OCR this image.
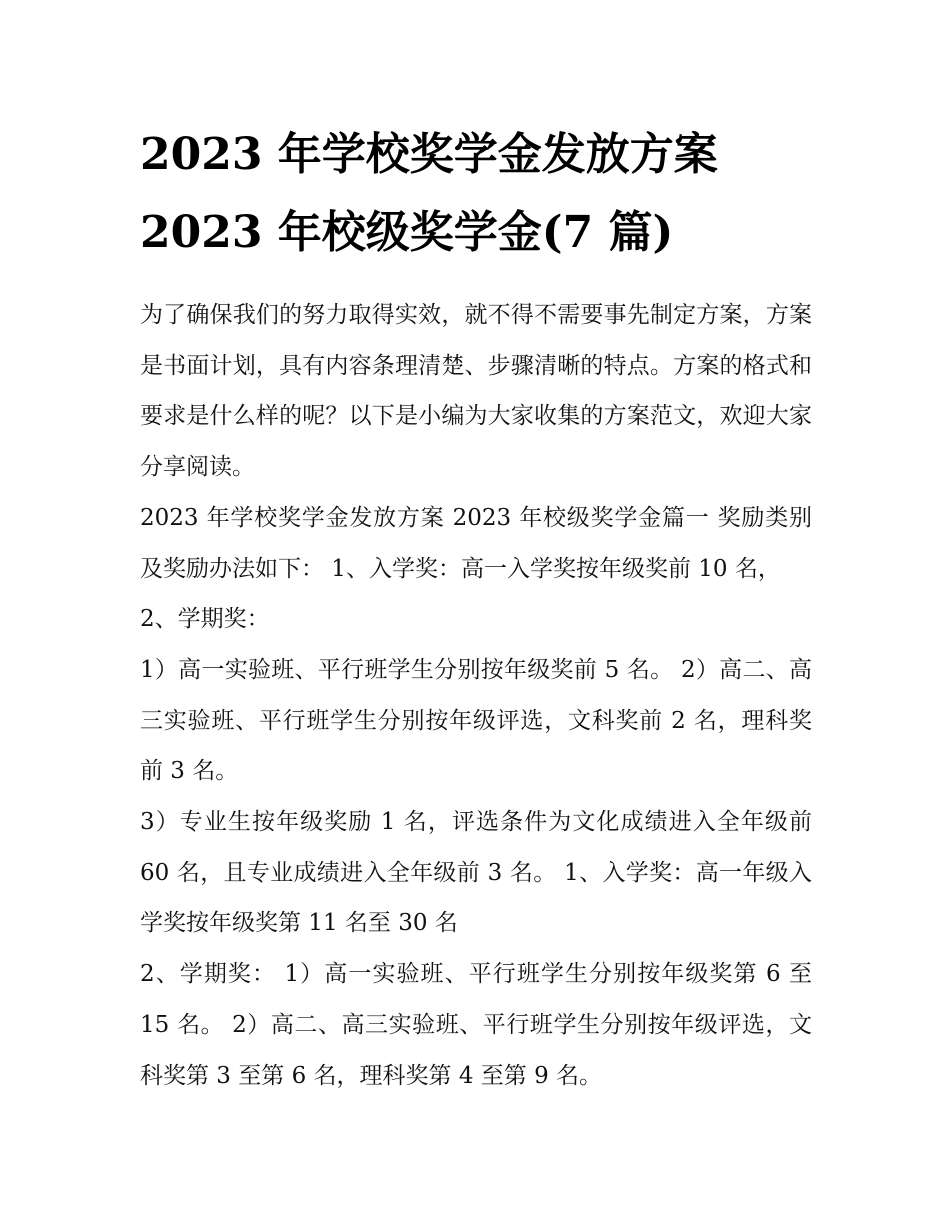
2023 年学校奖学金发放方案
2023 年校级奖学金(7 篇)

为了确保我们的努力取得实效，就不得不需要事先制定方案，方案是书面计划，具有内容条理清楚、步骤清晰的特点。方案的格式和要求是什么样的呢？以下是小编为大家收集的方案范文，欢迎大家分享阅读。

2023 年学校奖学金发放方案 2023 年校级奖学金篇一 奖励类别及奖励办法如下： 1、入学奖：高一入学奖按年级奖前 10 名，

2、学期奖：

1）高一实验班、平行班学生分别按年级奖前 5 名。 2）高二、高三实验班、平行班学生分别按年级评选，文科奖前 2 名，理科奖前 3 名。

3）专业生按年级奖励 1 名，评选条件为文化成绩进入全年级前 60 名，且专业成绩进入全年级前 3 名。 1、入学奖：高一年级入学奖按年级奖第 11 名至 30 名

2、学期奖： 1）高一实验班、平行班学生分别按年级奖第 6 至 15 名。 2）高二、高三实验班、平行班学生分别按年级评选，文科奖第 3 至第 6 名，理科奖第 4 至第 9 名。
